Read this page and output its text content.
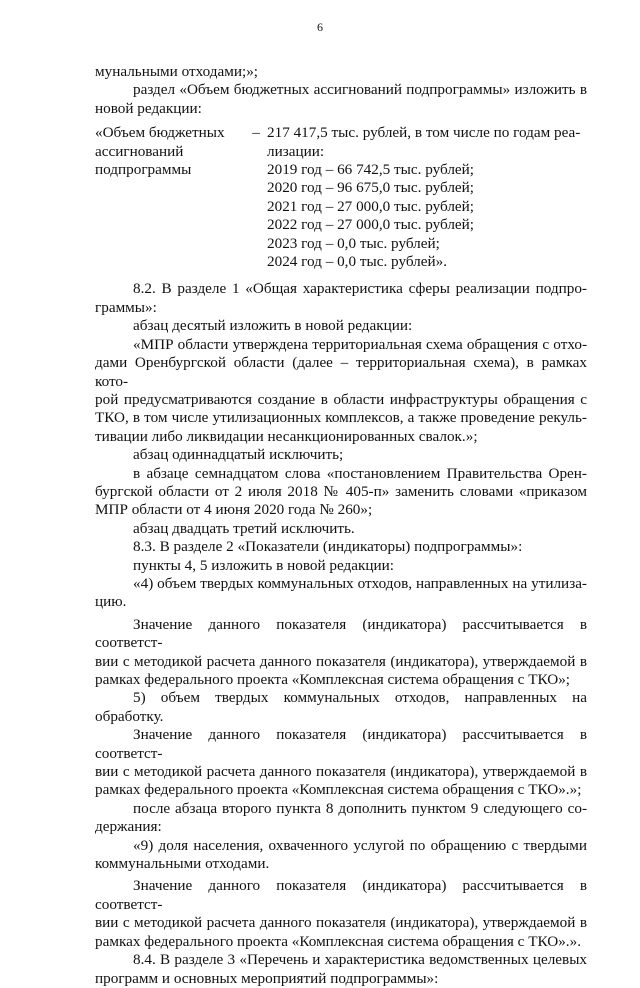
6
мунальными отходами;»;
раздел «Объем бюджетных ассигнований подпрограммы» изложить в
новой редакции:
«Объем бюджетных
ассигнований
подпрограммы
– 217 417,5 тыс. рублей, в том числе по годам реа-
лизации:
2019 год – 66 742,5 тыс. рублей;
2020 год – 96 675,0 тыс. рублей;
2021 год – 27 000,0 тыс. рублей;
2022 год – 27 000,0 тыс. рублей;
2023 год – 0,0 тыс. рублей;
2024 год – 0,0 тыс. рублей».
8.2. В разделе 1 «Общая характеристика сферы реализации подпро-
граммы»:
абзац десятый изложить в новой редакции:
«МПР области утверждена территориальная схема обращения с отхо-
дами Оренбургской области (далее – территориальная схема), в рамках кото-
рой предусматриваются создание в области инфраструктуры обращения с
ТКО, в том числе утилизационных комплексов, а также проведение рекуль-
тивации либо ликвидации несанкционированных свалок.»;
абзац одиннадцатый исключить;
в абзаце семнадцатом слова «постановлением Правительства Орен-
бургской области от 2 июля 2018 № 405-п» заменить словами «приказом
МПР области от 4 июня 2020 года № 260»;
абзац двадцать третий исключить.
8.3. В разделе 2 «Показатели (индикаторы) подпрограммы»:
пункты 4, 5 изложить в новой редакции:
«4) объем твердых коммунальных отходов, направленных на утилиза-
цию.
Значение данного показателя (индикатора) рассчитывается в соответст-
вии с методикой расчета данного показателя (индикатора), утверждаемой в
рамках федерального проекта «Комплексная система обращения с ТКО»;
5) объем твердых коммунальных отходов, направленных на обработку.
Значение данного показателя (индикатора) рассчитывается в соответст-
вии с методикой расчета данного показателя (индикатора), утверждаемой в
рамках федерального проекта «Комплексная система обращения с ТКО».»;
после абзаца второго пункта 8 дополнить пунктом 9 следующего со-
держания:
«9) доля населения, охваченного услугой по обращению с твердыми
коммунальными отходами.
Значение данного показателя (индикатора) рассчитывается в соответст-
вии с методикой расчета данного показателя (индикатора), утверждаемой в
рамках федерального проекта «Комплексная система обращения с ТКО».».
8.4. В разделе 3 «Перечень и характеристика ведомственных целевых
программ и основных мероприятий подпрограммы»:
